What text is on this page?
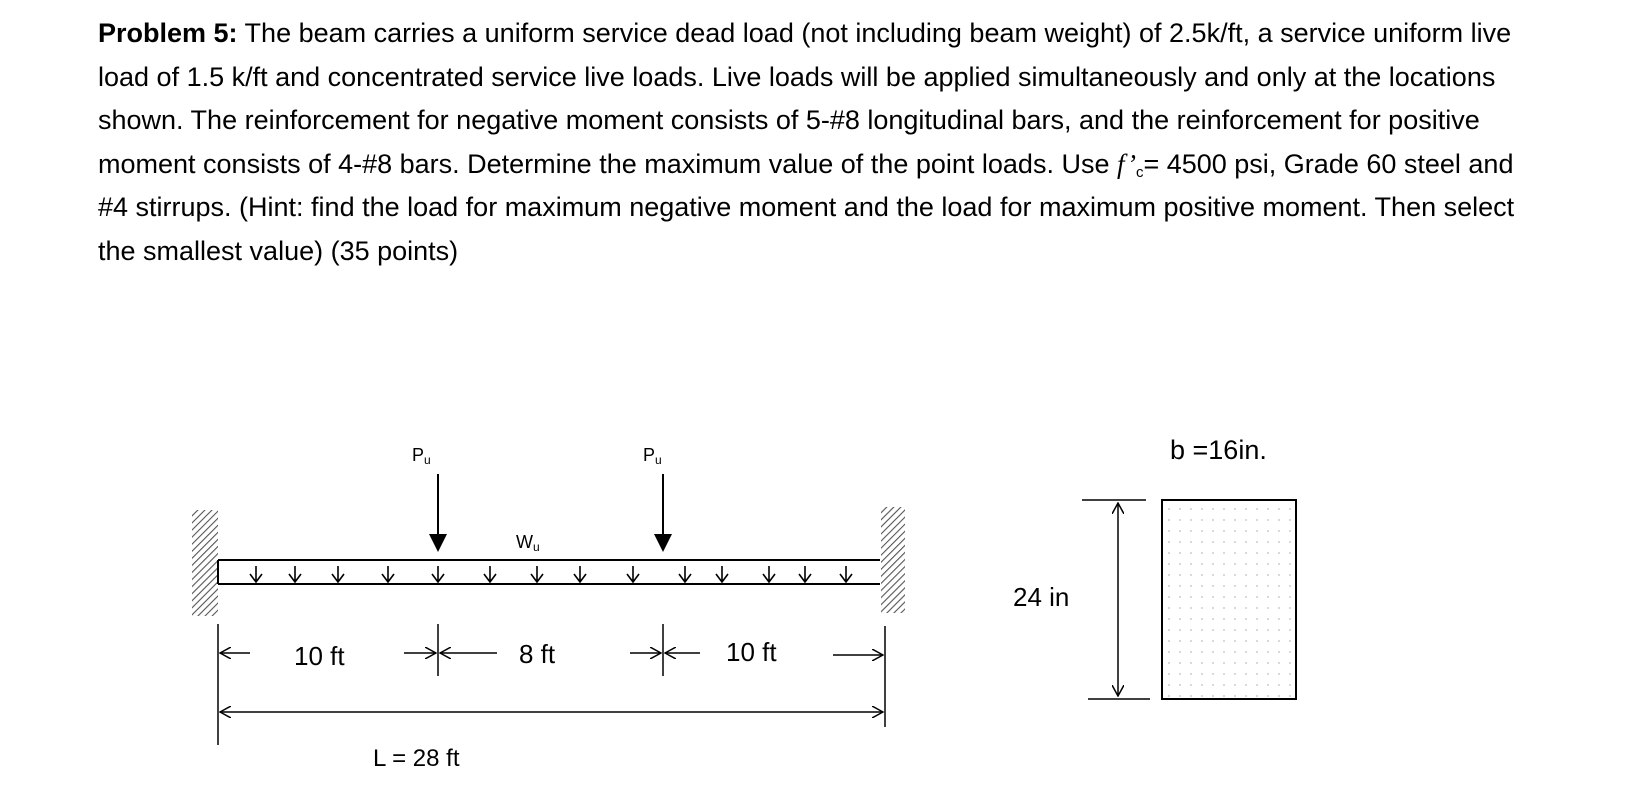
Problem 5: The beam carries a uniform service dead load (not including beam weight) of 2.5k/ft, a service uniform live load of 1.5 k/ft and concentrated service live loads. Live loads will be applied simultaneously and only at the locations shown. The reinforcement for negative moment consists of 5-#8 longitudinal bars, and the reinforcement for positive moment consists of 4-#8 bars. Determine the maximum value of the point loads. Use $f’_c= 4500$ psi, Grade 60 steel and #4 stirrups. (Hint: find the load for maximum negative moment and the load for maximum positive moment. Then select the smallest value) (35 points)

Pu	Pu
Wu
10 ft	8 ft	10 ft
L = 28 ft
24 in
b =16in.
